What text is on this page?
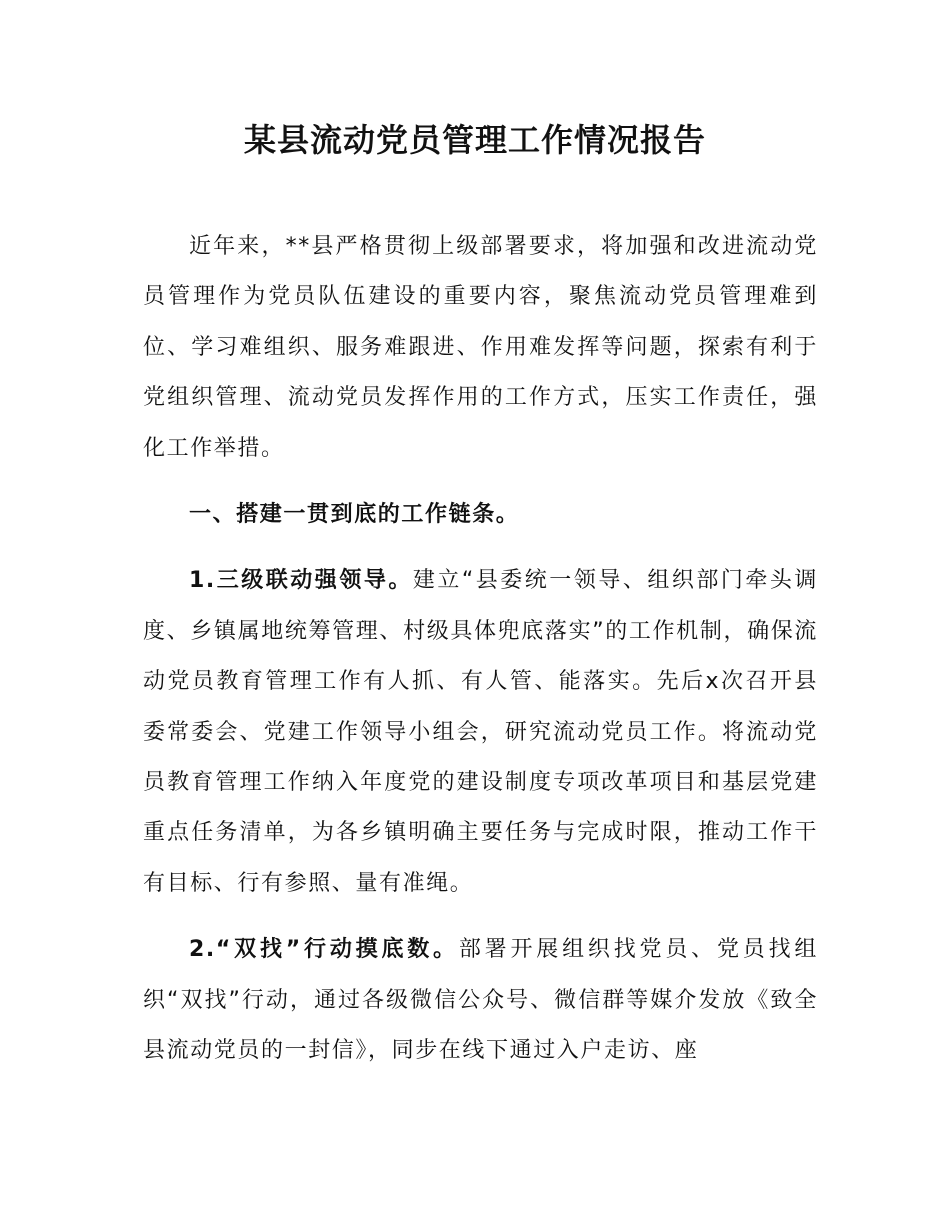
某县流动党员管理工作情况报告

近年来，**县严格贯彻上级部署要求，将加强和改进流动党员管理作为党员队伍建设的重要内容，聚焦流动党员管理难到位、学习难组织、服务难跟进、作用难发挥等问题，探索有利于党组织管理、流动党员发挥作用的工作方式，压实工作责任，强化工作举措。

一、搭建一贯到底的工作链条。

1.三级联动强领导。建立“县委统一领导、组织部门牵头调度、乡镇属地统筹管理、村级具体兜底落实”的工作机制，确保流动党员教育管理工作有人抓、有人管、能落实。先后x次召开县委常委会、党建工作领导小组会，研究流动党员工作。将流动党员教育管理工作纳入年度党的建设制度专项改革项目和基层党建重点任务清单，为各乡镇明确主要任务与完成时限，推动工作干有目标、行有参照、量有准绳。

2.“双找”行动摸底数。部署开展组织找党员、党员找组织“双找”行动，通过各级微信公众号、微信群等媒介发放《致全县流动党员的一封信》，同步在线下通过入户走访、座
